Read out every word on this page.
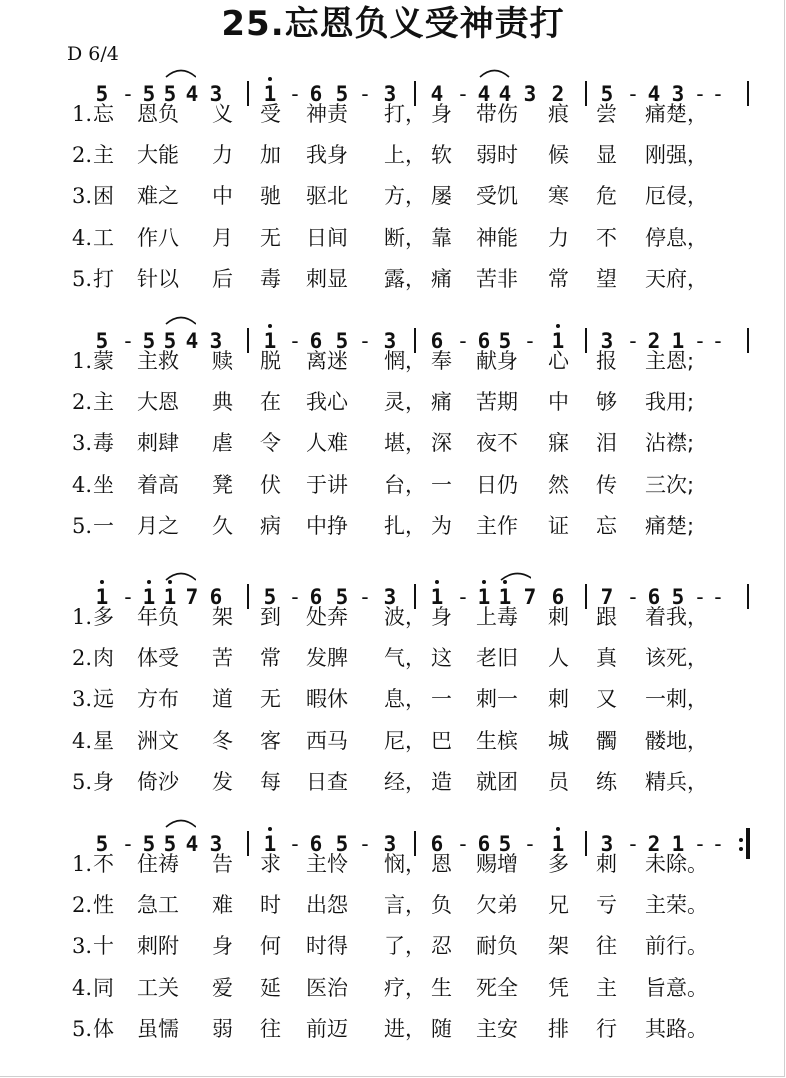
25.忘恩负义受神责打
D 6/4
5 - 5 5 4 3 1 - 6 5 - 3 4 - 4 4 3 2 5 - 4 3 - -
1. 忘 恩负 义 受 神责 打， 身 带伤 痕 尝 痛楚，
2. 主 大能 力 加 我身 上， 软 弱时 候 显 刚强，
3. 困 难之 中 驰 驱北 方， 屡 受饥 寒 危 厄侵，
4. 工 作八 月 无 日间 断， 靠 神能 力 不 停息，
5. 打 针以 后 毒 刺显 露， 痛 苦非 常 望 天府，
5 - 5 5 4 3 1 - 6 5 - 3 6 - 6 5 - 1 3 - 2 1 - -
1. 蒙 主救 赎 脱 离迷 惘， 奉 献身 心 报 主恩;
2. 主 大恩 典 在 我心 灵， 痛 苦期 中 够 我用;
3. 毒 刺肆 虐 令 人难 堪， 深 夜不 寐 泪 沾襟;
4. 坐 着高 凳 伏 于讲 台， 一 日仍 然 传 三次;
5. 一 月之 久 病 中挣 扎， 为 主作 证 忘 痛楚;
1 - 1 1 7 6 5 - 6 5 - 3 1 - 1 1 7 6 7 - 6 5 - -
1. 多 年负 架 到 处奔 波， 身 上毒 刺 跟 着我，
2. 肉 体受 苦 常 发脾 气， 这 老旧 人 真 该死，
3. 远 方布 道 无 暇休 息， 一 刺一 刺 又 一刺，
4. 星 洲文 冬 客 西马 尼， 巴 生槟 城 髑 髅地，
5. 身 倚沙 发 每 日查 经， 造 就团 员 练 精兵，
5 - 5 5 4 3 1 - 6 5 - 3 6 - 6 5 - 1 3 - 2 1 - -
1. 不 住祷 告 求 主怜 悯， 恩 赐增 多 刺 未除。
2. 性 急工 难 时 出怨 言， 负 欠弟 兄 亏 主荣。
3. 十 刺附 身 何 时得 了， 忍 耐负 架 往 前行。
4. 同 工关 爱 延 医治 疗， 生 死全 凭 主 旨意。
5. 体 虽懦 弱 往 前迈 进， 随 主安 排 行 其路。
